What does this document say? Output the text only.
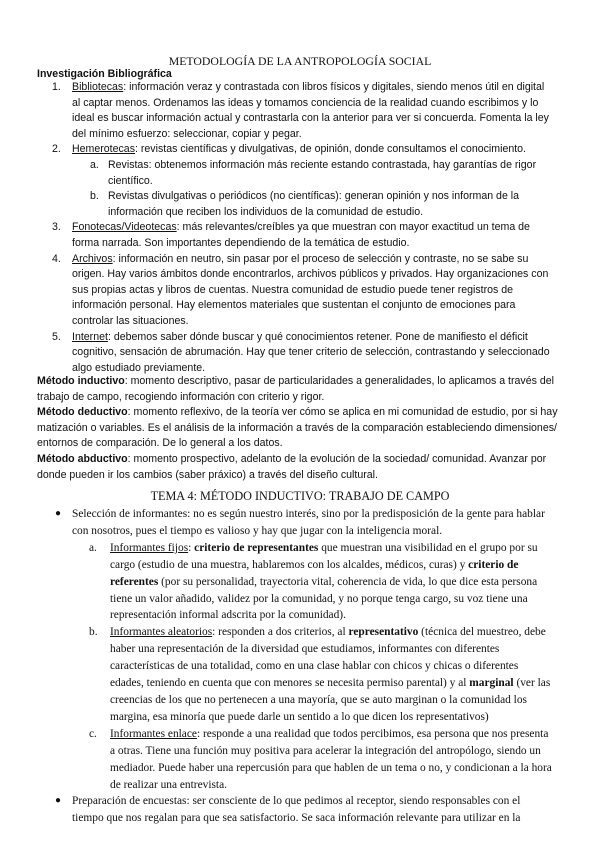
METODOLOGÍA DE LA ANTROPOLOGÍA SOCIAL
Investigación Bibliográfica
1. Bibliotecas: información veraz y contrastada con libros físicos y digitales, siendo menos útil en digital al captar menos. Ordenamos las ideas y tomamos conciencia de la realidad cuando escribimos y lo ideal es buscar información actual y contrastarla con la anterior para ver si concuerda. Fomenta la ley del mínimo esfuerzo: seleccionar, copiar y pegar.
2. Hemerotecas: revistas científicas y divulgativas, de opinión, donde consultamos el conocimiento.
a. Revistas: obtenemos información más reciente estando contrastada, hay garantías de rigor científico.
b. Revistas divulgativas o periódicos (no científicas): generan opinión y nos informan de la información que reciben los individuos de la comunidad de estudio.
3. Fonotecas/Videotecas: más relevantes/creíbles ya que muestran con mayor exactitud un tema de forma narrada. Son importantes dependiendo de la temática de estudio.
4. Archivos: información en neutro, sin pasar por el proceso de selección y contraste, no se sabe su origen. Hay varios ámbitos donde encontrarlos, archivos públicos y privados. Hay organizaciones con sus propias actas y libros de cuentas. Nuestra comunidad de estudio puede tener registros de información personal. Hay elementos materiales que sustentan el conjunto de emociones para controlar las situaciones.
5. Internet: debemos saber dónde buscar y qué conocimientos retener. Pone de manifiesto el déficit cognitivo, sensación de abrumación. Hay que tener criterio de selección, contrastando y seleccionado algo estudiado previamente.

Método inductivo: momento descriptivo, pasar de particularidades a generalidades, lo aplicamos a través del trabajo de campo, recogiendo información con criterio y rigor.

Método deductivo: momento reflexivo, de la teoría ver cómo se aplica en mi comunidad de estudio, por si hay matización o variables. Es el análisis de la información a través de la comparación estableciendo dimensiones/ entornos de comparación. De lo general a los datos.

Método abductivo: momento prospectivo, adelanto de la evolución de la sociedad/ comunidad. Avanzar por donde pueden ir los cambios (saber práxico) a través del diseño cultural.

TEMA 4: MÉTODO INDUCTIVO: TRABAJO DE CAMPO
● Selección de informantes: no es según nuestro interés, sino por la predisposición de la gente para hablar con nosotros, pues el tiempo es valioso y hay que jugar con la inteligencia moral.
a. Informantes fijos: criterio de representantes que muestran una visibilidad en el grupo por su cargo (estudio de una muestra, hablaremos con los alcaldes, médicos, curas) y criterio de referentes (por su personalidad, trayectoria vital, coherencia de vida, lo que dice esta persona tiene un valor añadido, validez por la comunidad, y no porque tenga cargo, su voz tiene una representación informal adscrita por la comunidad).
b. Informantes aleatorios: responden a dos criterios, al representativo (técnica del muestreo, debe haber una representación de la diversidad que estudiamos, informantes con diferentes características de una totalidad, como en una clase hablar con chicos y chicas o diferentes edades, teniendo en cuenta que con menores se necesita permiso parental) y al marginal (ver las creencias de los que no pertenecen a una mayoría, que se auto marginan o la comunidad los margina, esa minoría que puede darle un sentido a lo que dicen los representativos)
c. Informantes enlace: responde a una realidad que todos percibimos, esa persona que nos presenta a otras. Tiene una función muy positiva para acelerar la integración del antropólogo, siendo un mediador. Puede haber una repercusión para que hablen de un tema o no, y condicionan a la hora de realizar una entrevista.
● Preparación de encuestas: ser consciente de lo que pedimos al receptor, siendo responsables con el tiempo que nos regalan para que sea satisfactorio. Se saca información relevante para utilizar en la
